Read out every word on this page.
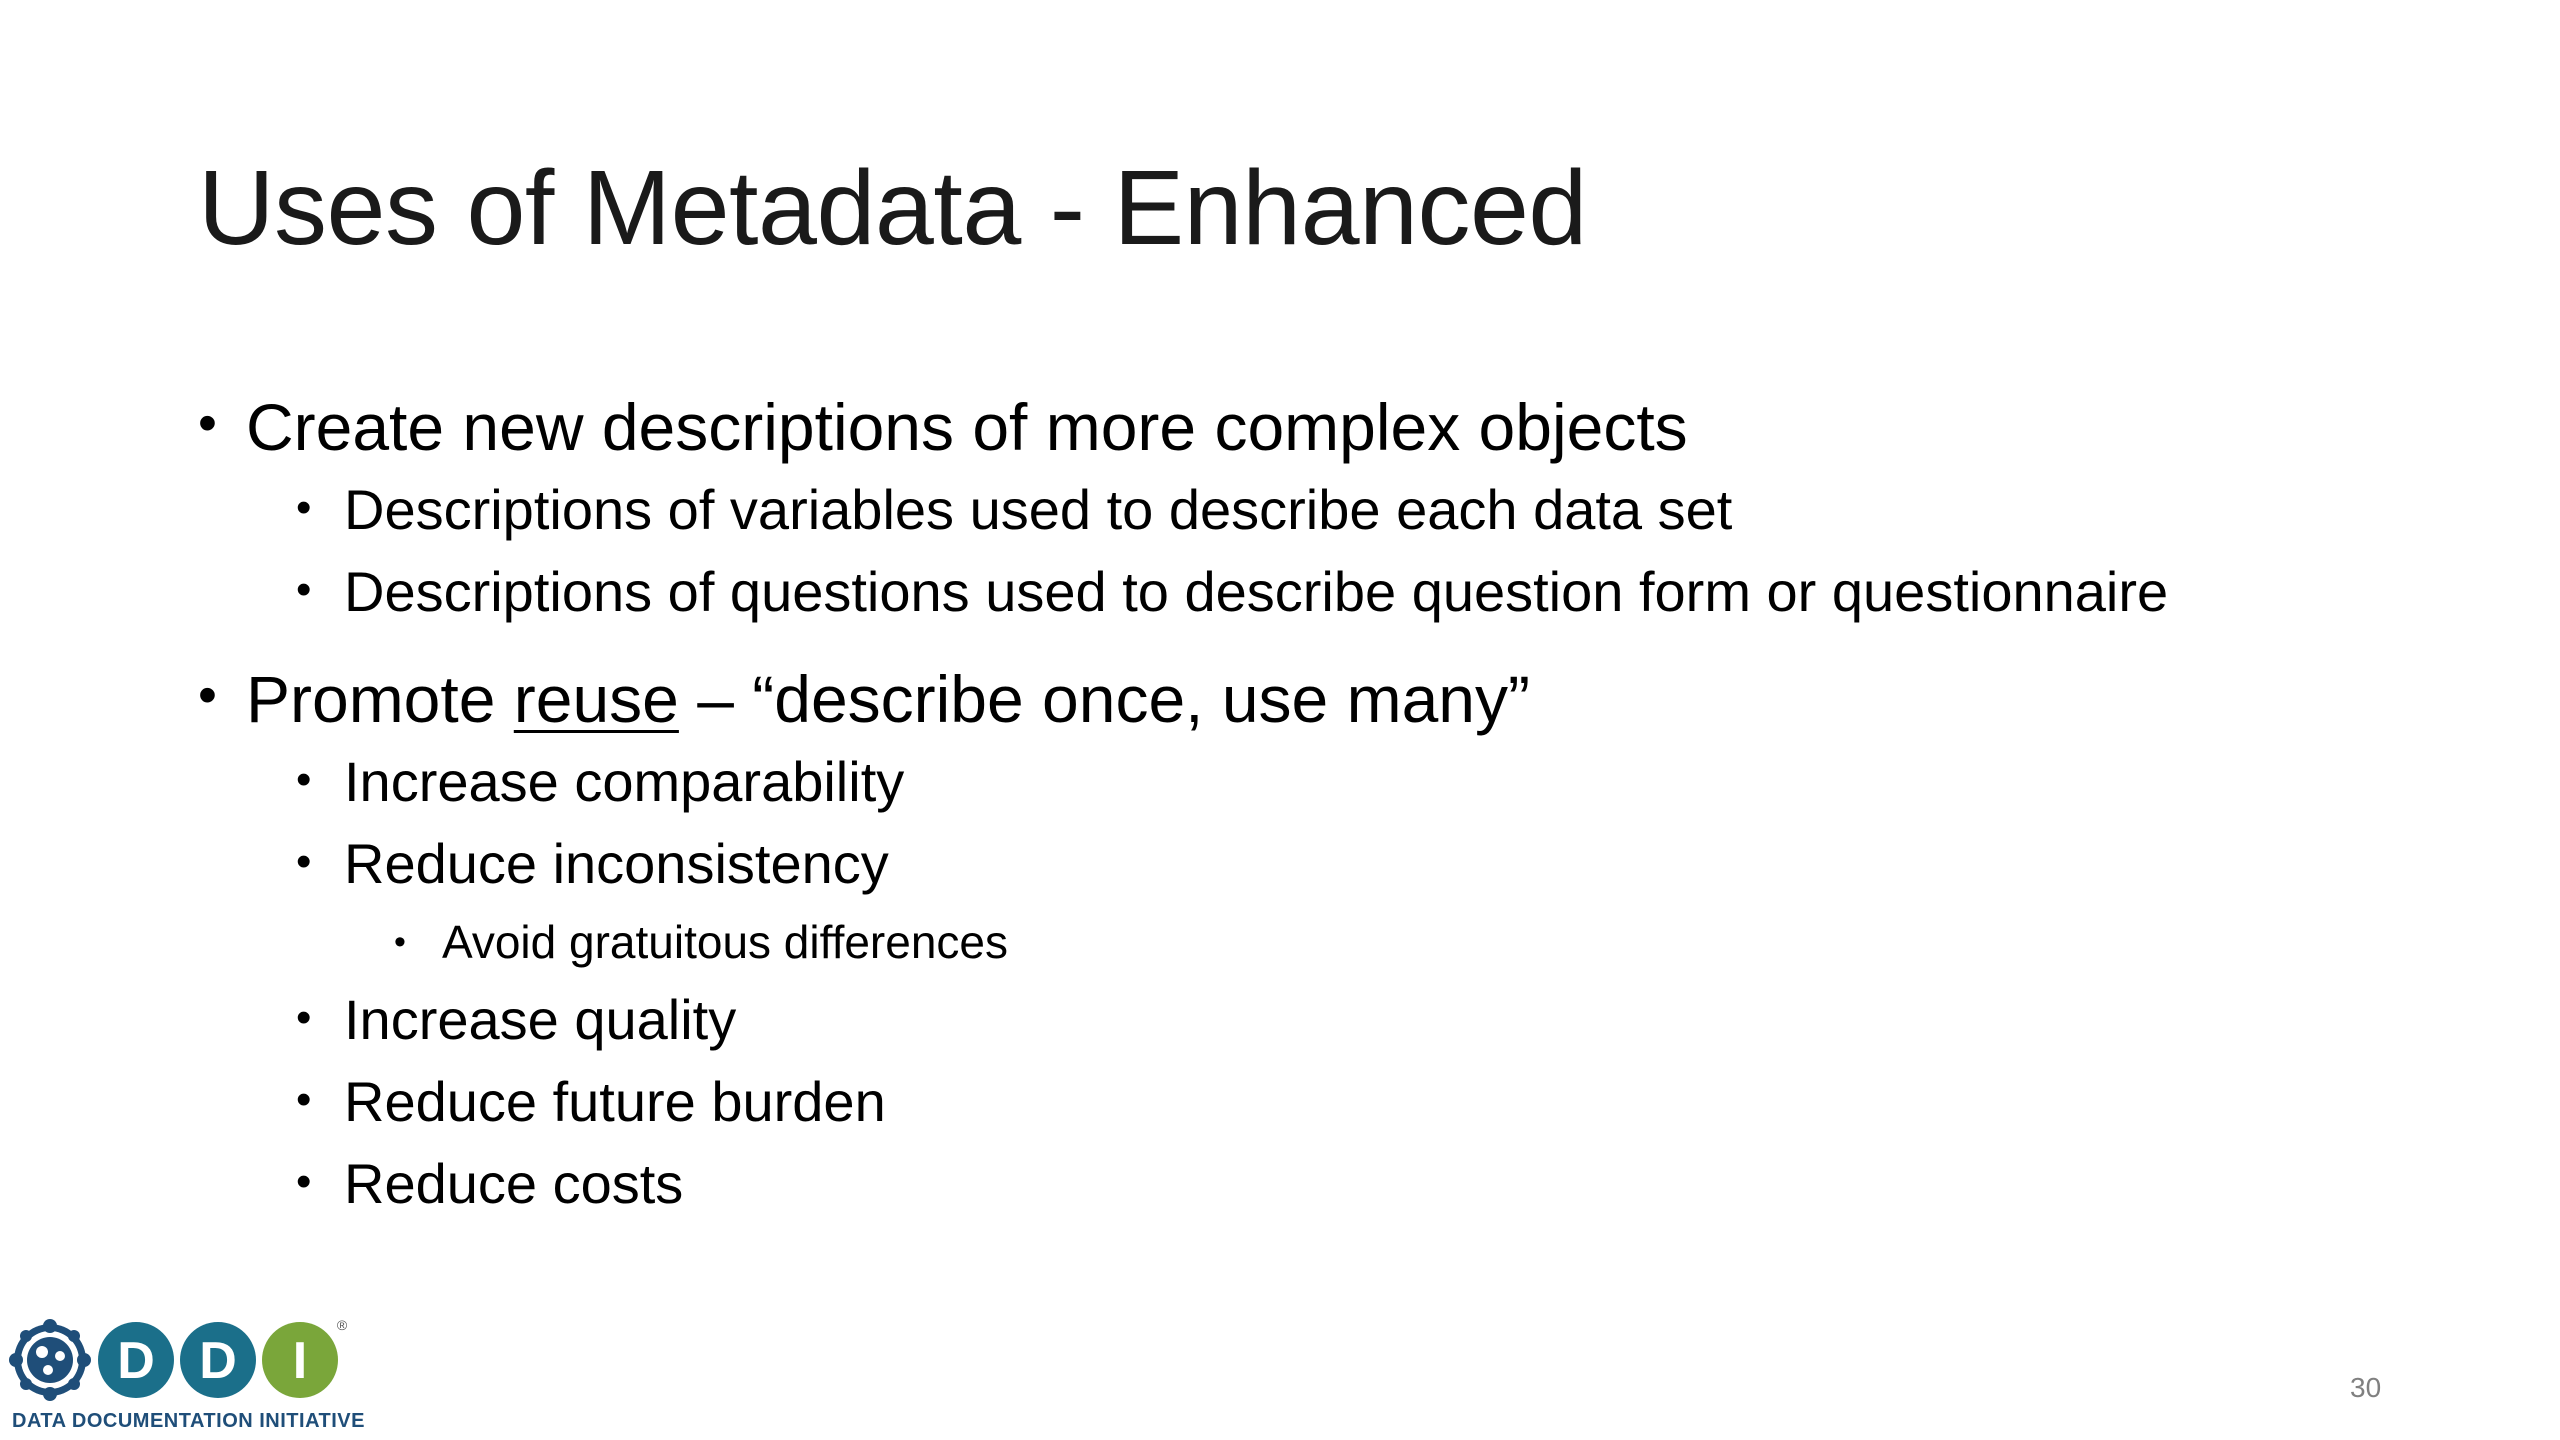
Uses of Metadata - Enhanced
• Create new descriptions of more complex objects
• Descriptions of variables used to describe each data set
• Descriptions of questions used to describe question form or questionnaire
• Promote reuse – “describe once, use many”
• Increase comparability
• Reduce inconsistency
• Avoid gratuitous differences
• Increase quality
• Reduce future burden
• Reduce costs
D D I
®
DATA DOCUMENTATION INITIATIVE
30
